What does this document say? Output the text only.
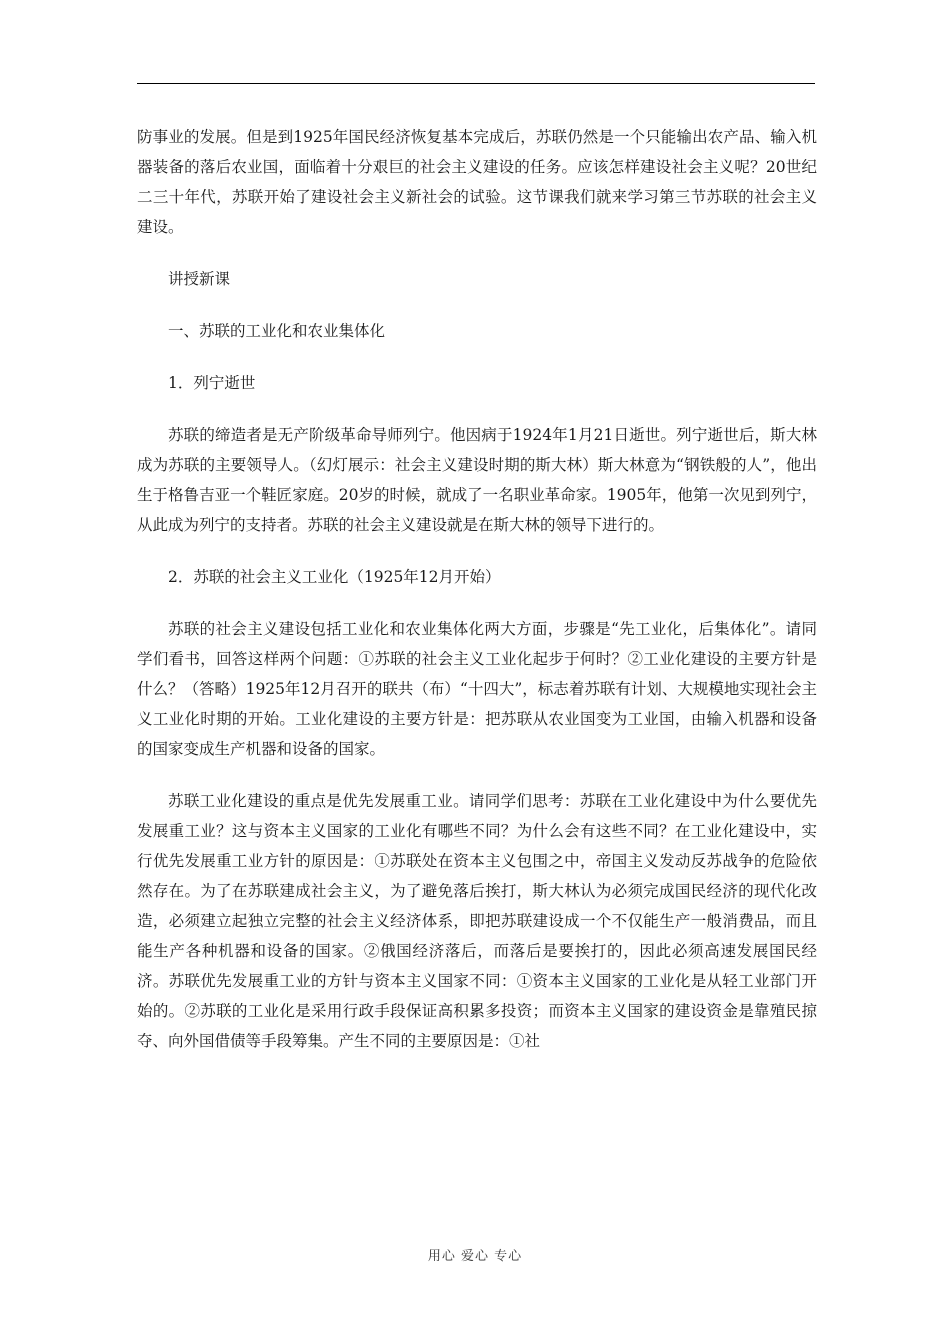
防事业的发展。但是到1925年国民经济恢复基本完成后，苏联仍然是一个只能输出农产品、输入机器装备的落后农业国，面临着十分艰巨的社会主义建设的任务。应该怎样建设社会主义呢？20世纪二三十年代，苏联开始了建设社会主义新社会的试验。这节课我们就来学习第三节苏联的社会主义建设。

讲授新课

一、苏联的工业化和农业集体化

1．列宁逝世

苏联的缔造者是无产阶级革命导师列宁。他因病于1924年1月21日逝世。列宁逝世后，斯大林成为苏联的主要领导人。（幻灯展示：社会主义建设时期的斯大林）斯大林意为“钢铁般的人”，他出生于格鲁吉亚一个鞋匠家庭。20岁的时候，就成了一名职业革命家。1905年，他第一次见到列宁，从此成为列宁的支持者。苏联的社会主义建设就是在斯大林的领导下进行的。

2．苏联的社会主义工业化（1925年12月开始）

苏联的社会主义建设包括工业化和农业集体化两大方面，步骤是“先工业化，后集体化”。请同学们看书，回答这样两个问题：①苏联的社会主义工业化起步于何时？②工业化建设的主要方针是什么？（答略）1925年12月召开的联共（布）“十四大”，标志着苏联有计划、大规模地实现社会主义工业化时期的开始。工业化建设的主要方针是：把苏联从农业国变为工业国，由输入机器和设备的国家变成生产机器和设备的国家。

苏联工业化建设的重点是优先发展重工业。请同学们思考：苏联在工业化建设中为什么要优先发展重工业？这与资本主义国家的工业化有哪些不同？为什么会有这些不同？在工业化建设中，实行优先发展重工业方针的原因是：①苏联处在资本主义包围之中，帝国主义发动反苏战争的危险依然存在。为了在苏联建成社会主义，为了避免落后挨打，斯大林认为必须完成国民经济的现代化改造，必须建立起独立完整的社会主义经济体系，即把苏联建设成一个不仅能生产一般消费品，而且能生产各种机器和设备的国家。②俄国经济落后，而落后是要挨打的，因此必须高速发展国民经济。苏联优先发展重工业的方针与资本主义国家不同：①资本主义国家的工业化是从轻工业部门开始的。②苏联的工业化是采用行政手段保证高积累多投资；而资本主义国家的建设资金是靠殖民掠夺、向外国借债等手段筹集。产生不同的主要原因是：①社

用心 爱心 专心
